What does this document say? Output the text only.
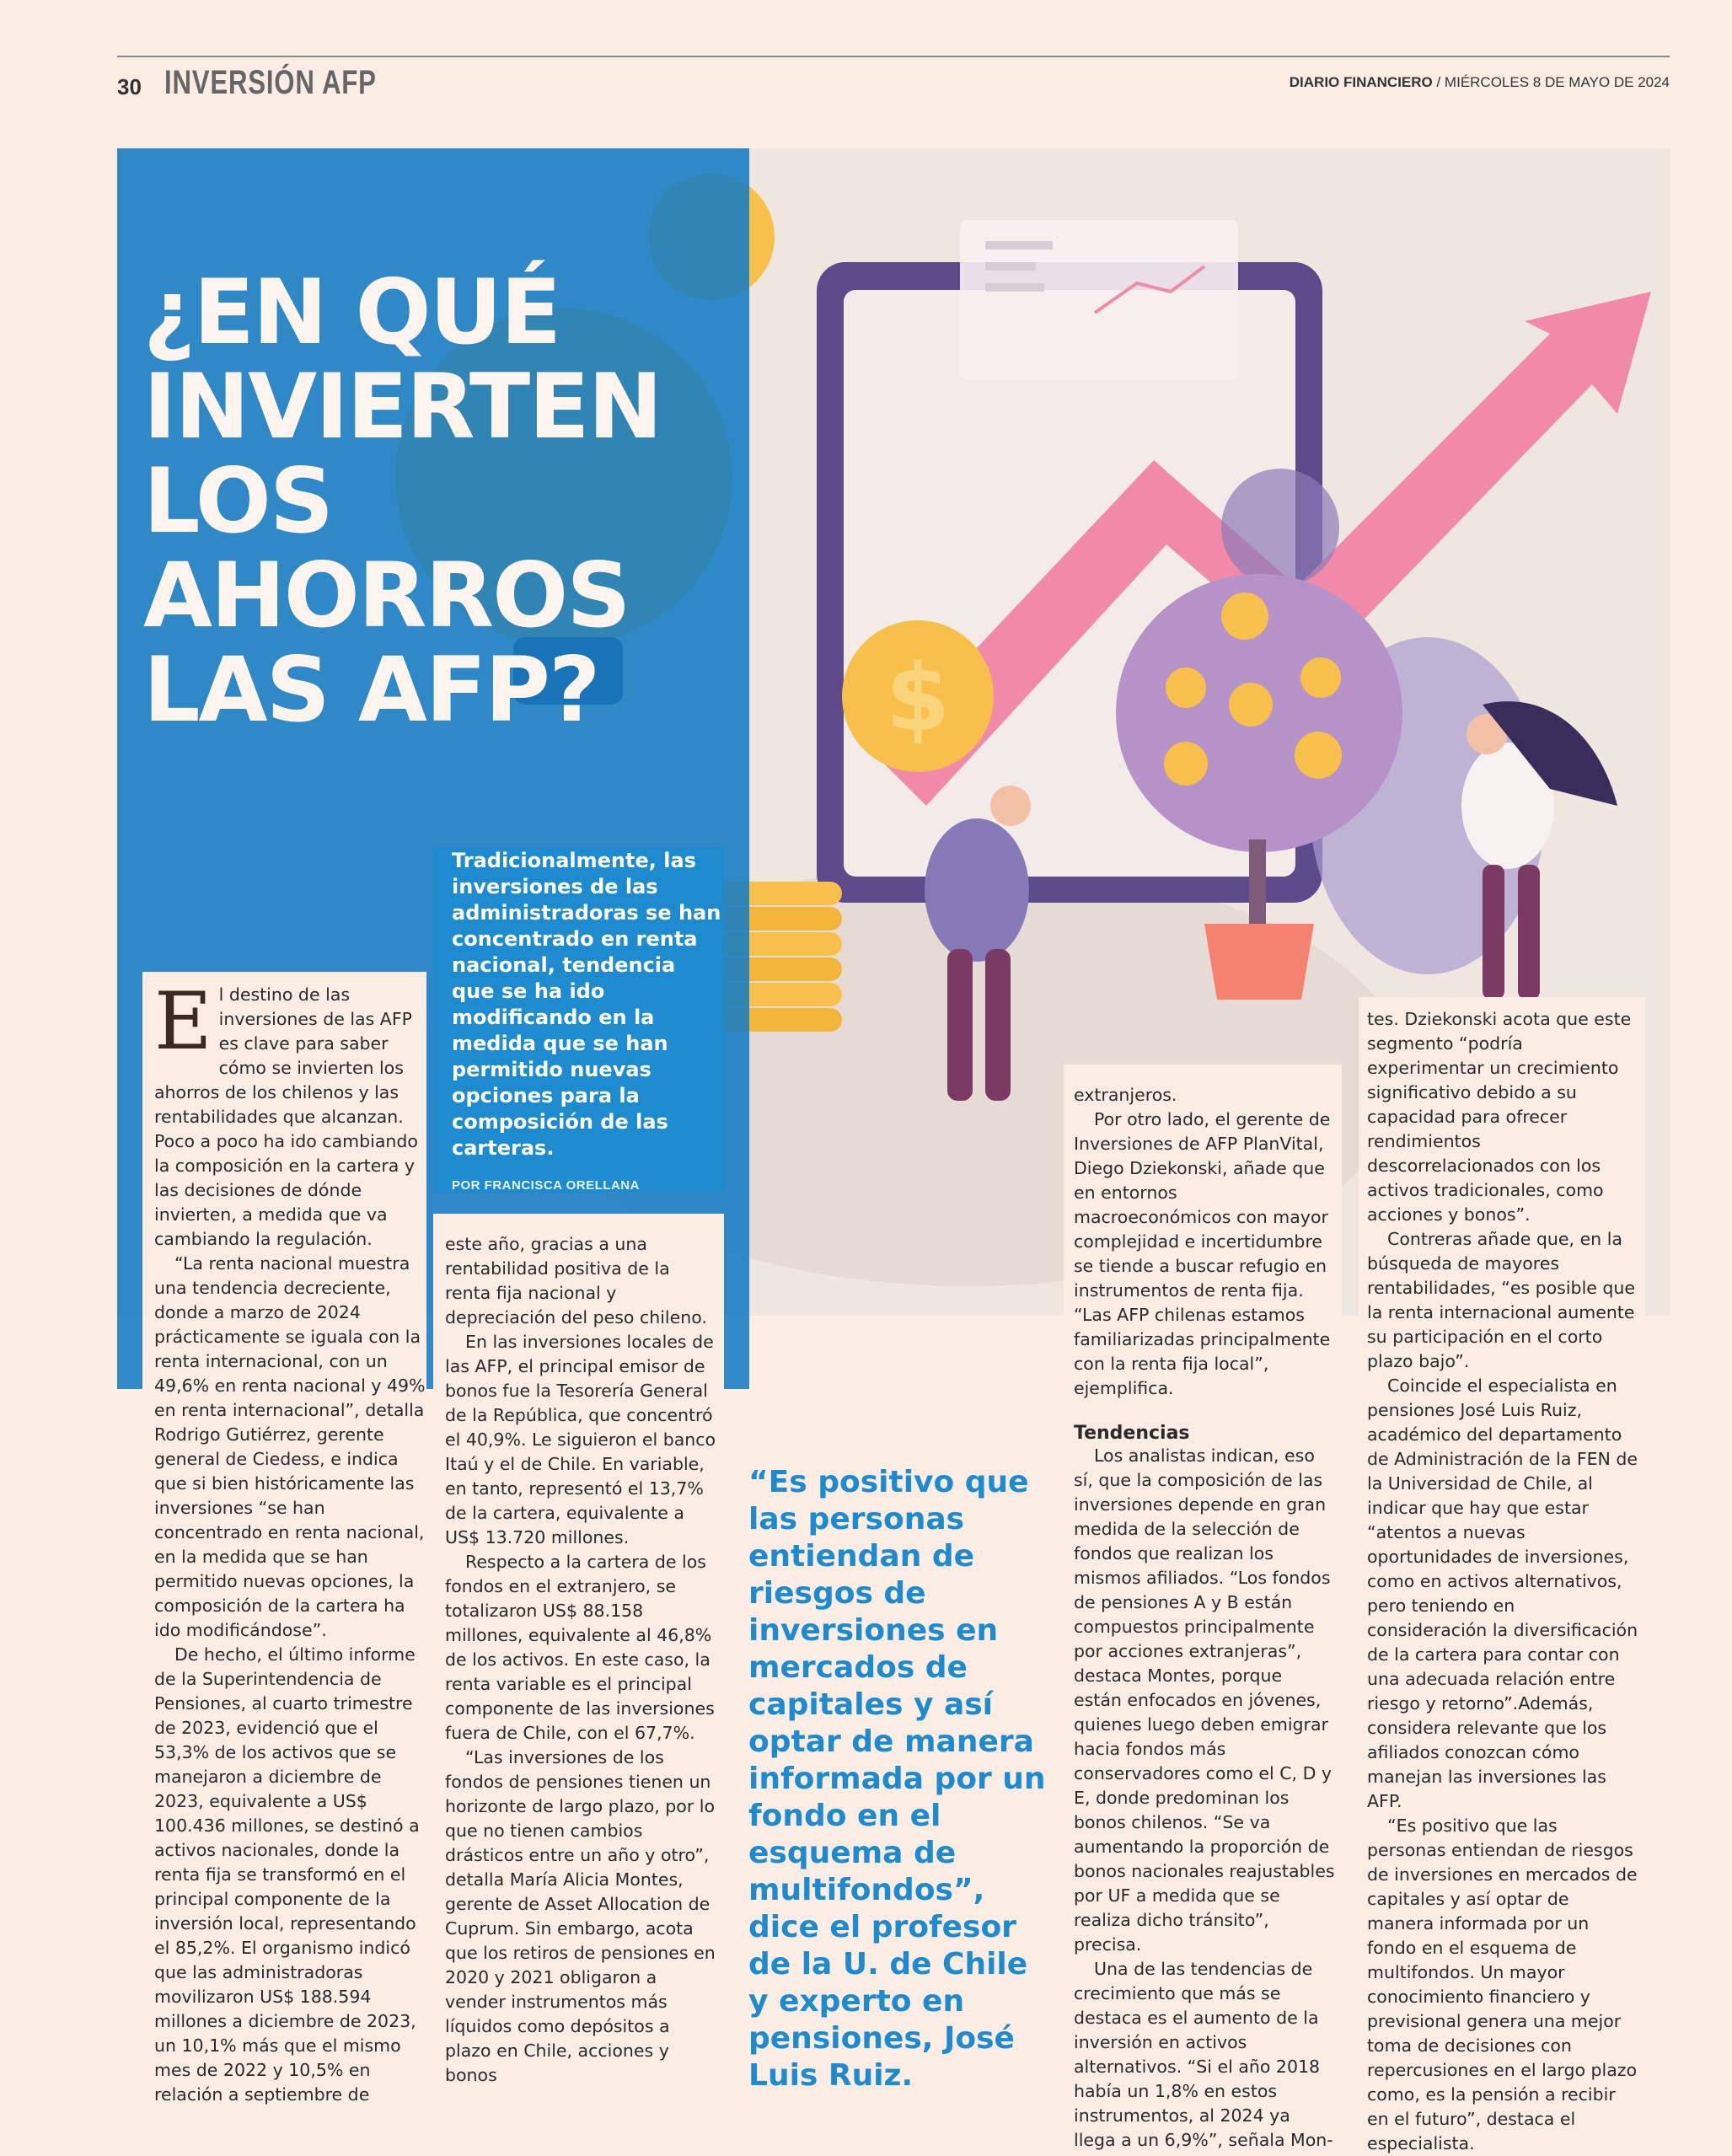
30 INVERSIÓN AFP	DIARIO FINANCIERO / MIÉRCOLES 8 DE MAYO DE 2024
$
¿EN QUÉ
INVIERTEN
LOS
AHORROS
LAS AFP?
Tradicionalmente, las inversiones de las administradoras se han concentrado en renta nacional, tendencia que se ha ido modificando en la medida que se han permitido nuevas opciones para la composición de las carteras.
POR FRANCISCA ORELLANA
E l destino de las inversiones de las AFP es clave para saber cómo se invierten los ahorros de los chilenos y las rentabilidades que alcanzan. Poco a poco ha ido cambiando la composición en la cartera y las decisiones de dónde invierten, a medida que va cambiando la regulación.

“La renta nacional muestra una tendencia decreciente, donde a marzo de 2024 prácticamente se iguala con la renta internacional, con un 49,6% en renta nacional y 49% en renta internacional”, detalla Rodrigo Gutiérrez, gerente general de Ciedess, e indica que si bien históricamente las inversiones “se han concentrado en renta nacional, en la medida que se han permitido nuevas opciones, la composición de la cartera ha ido modificándose”.

De hecho, el último informe de la Superintendencia de Pensiones, al cuarto trimestre de 2023, evidenció que el 53,3% de los activos que se manejaron a diciembre de 2023, equivalente a US$ 100.436 millones, se destinó a activos nacionales, donde la renta fija se transformó en el principal componente de la inversión local, representando el 85,2%. El organismo indicó que las administradoras movilizaron US$ 188.594 millones a diciembre de 2023, un 10,1% más que el mismo mes de 2022 y 10,5% en relación a septiembre de

este año, gracias a una rentabilidad positiva de la renta fija nacional y depreciación del peso chileno.

En las inversiones locales de las AFP, el principal emisor de bonos fue la Tesorería General de la República, que concentró el 40,9%. Le siguieron el banco Itaú y el de Chile. En variable, en tanto, representó el 13,7% de la cartera, equivalente a US$ 13.720 millones.

Respecto a la cartera de los fondos en el extranjero, se totalizaron US$ 88.158 millones, equivalente al 46,8% de los activos. En este caso, la renta variable es el principal componente de las inversiones fuera de Chile, con el 67,7%.

“Las inversiones de los fondos de pensiones tienen un horizonte de largo plazo, por lo que no tienen cambios drásticos entre un año y otro”, detalla María Alicia Montes, gerente de Asset Allocation de Cuprum. Sin embargo, acota que los retiros de pensiones en 2020 y 2021 obligaron a vender instrumentos más líquidos como depósitos a plazo en Chile, acciones y bonos

“Es positivo que las personas entiendan de riesgos de inversiones en mercados de capitales y así optar de manera informada por un fondo en el esquema de multifondos”, dice el profesor de la U. de Chile y experto en pensiones, José Luis Ruiz.

extranjeros.

Por otro lado, el gerente de Inversiones de AFP PlanVital, Diego Dziekonski, añade que en entornos macroeconómicos con mayor complejidad e incertidumbre se tiende a buscar refugio en instrumentos de renta fija. “Las AFP chilenas estamos familiarizadas principalmente con la renta fija local”, ejemplifica.

Tendencias

Los analistas indican, eso sí, que la composición de las inversiones depende en gran medida de la selección de fondos que realizan los mismos afiliados. “Los fondos de pensiones A y B están compuestos principalmente por acciones extranjeras”, destaca Montes, porque están enfocados en jóvenes, quienes luego deben emigrar hacia fondos más conservadores como el C, D y E, donde predominan los bonos chilenos. “Se va aumentando la proporción de bonos nacionales reajustables por UF a medida que se realiza dicho tránsito”, precisa.

Una de las tendencias de crecimiento que más se destaca es el aumento de la inversión en activos alternativos. “Si el año 2018 había un 1,8% en estos instrumentos, al 2024 ya llega a un 6,9%”, señala Mon-

tes. Dziekonski acota que este segmento “podría experimentar un crecimiento significativo debido a su capacidad para ofrecer rendimientos descorrelacionados con los activos tradicionales, como acciones y bonos”.

Contreras añade que, en la búsqueda de mayores rentabilidades, “es posible que la renta internacional aumente su participación en el corto plazo bajo”.

Coincide el especialista en pensiones José Luis Ruiz, académico del departamento de Administración de la FEN de la Universidad de Chile, al indicar que hay que estar “atentos a nuevas oportunidades de inversiones, como en activos alternativos, pero teniendo en consideración la diversificación de la cartera para contar con una adecuada relación entre riesgo y retorno”.Además, considera relevante que los afiliados conozcan cómo manejan las inversiones las AFP.

“Es positivo que las personas entiendan de riesgos de inversiones en mercados de capitales y así optar de manera informada por un fondo en el esquema de multifondos. Un mayor conocimiento financiero y previsional genera una mejor toma de decisiones con repercusiones en el largo plazo como, es la pensión a recibir en el futuro”, destaca el especialista.
